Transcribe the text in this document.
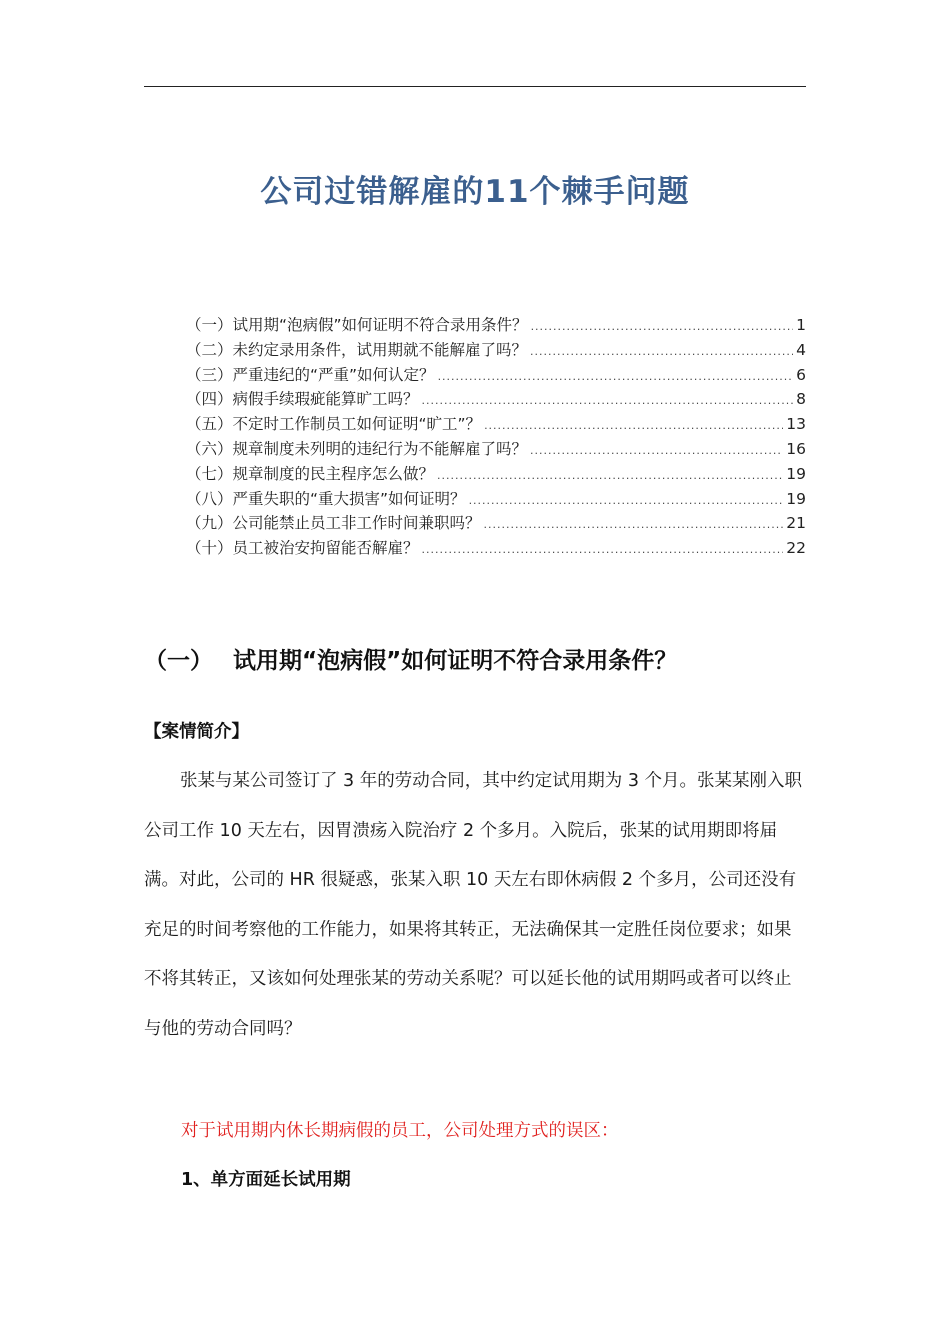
公司过错解雇的11个棘手问题
（一）试用期“泡病假”如何证明不符合录用条件？ .....	1
（二）未约定录用条件，试用期就不能解雇了吗？ .....	4
（三）严重违纪的“严重”如何认定？ .....	6
（四）病假手续瑕疵能算旷工吗？ .....	8
（五）不定时工作制员工如何证明“旷工”？ .....	13
（六）规章制度未列明的违纪行为不能解雇了吗？ .....	16
（七）规章制度的民主程序怎么做？ .....	19
（八）严重失职的“重大损害”如何证明？ .....	19
（九）公司能禁止员工非工作时间兼职吗？ .....	21
（十）员工被治安拘留能否解雇？ .....	22
（一） 试用期“泡病假”如何证明不符合录用条件？
【案情简介】

张某与某公司签订了 3 年的劳动合同，其中约定试用期为 3 个月。张某某刚入职公司工作 10 天左右，因胃溃疡入院治疗 2 个多月。入院后，张某的试用期即将届满。对此，公司的 HR 很疑惑，张某入职 10 天左右即休病假 2 个多月，公司还没有充足的时间考察他的工作能力，如果将其转正，无法确保其一定胜任岗位要求；如果不将其转正，又该如何处理张某的劳动关系呢？可以延长他的试用期吗或者可以终止与他的劳动合同吗？

对于试用期内休长期病假的员工，公司处理方式的误区：
1、单方面延长试用期
